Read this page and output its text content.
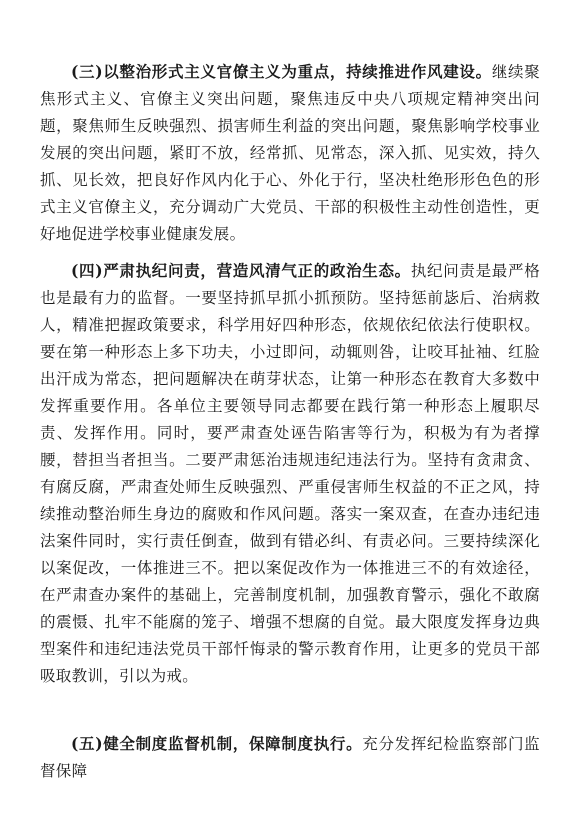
(三)以整治形式主义官僚主义为重点，持续推进作风建设。继续聚焦形式主义、官僚主义突出问题，聚焦违反中央八项规定精神突出问题，聚焦师生反映强烈、损害师生利益的突出问题，聚焦影响学校事业发展的突出问题，紧盯不放，经常抓、见常态，深入抓、见实效，持久抓、见长效，把良好作风内化于心、外化于行，坚决杜绝形形色色的形式主义官僚主义，充分调动广大党员、干部的积极性主动性创造性，更好地促进学校事业健康发展。

(四)严肃执纪问责，营造风清气正的政治生态。执纪问责是最严格也是最有力的监督。一要坚持抓早抓小抓预防。坚持惩前毖后、治病救人，精准把握政策要求，科学用好四种形态，依规依纪依法行使职权。要在第一种形态上多下功夫，小过即问，动辄则咎，让咬耳扯袖、红脸出汗成为常态，把问题解决在萌芽状态，让第一种形态在教育大多数中发挥重要作用。各单位主要领导同志都要在践行第一种形态上履职尽责、发挥作用。同时，要严肃查处诬告陷害等行为，积极为有为者撑腰，替担当者担当。二要严肃惩治违规违纪违法行为。坚持有贪肃贪、有腐反腐，严肃查处师生反映强烈、严重侵害师生权益的不正之风，持续推动整治师生身边的腐败和作风问题。落实一案双查，在查办违纪违法案件同时，实行责任倒查，做到有错必纠、有责必问。三要持续深化以案促改，一体推进三不。把以案促改作为一体推进三不的有效途径，在严肃查办案件的基础上，完善制度机制，加强教育警示，强化不敢腐的震慑、扎牢不能腐的笼子、增强不想腐的自觉。最大限度发挥身边典型案件和违纪违法党员干部忏悔录的警示教育作用，让更多的党员干部吸取教训，引以为戒。

(五)健全制度监督机制，保障制度执行。充分发挥纪检监察部门监督保障
